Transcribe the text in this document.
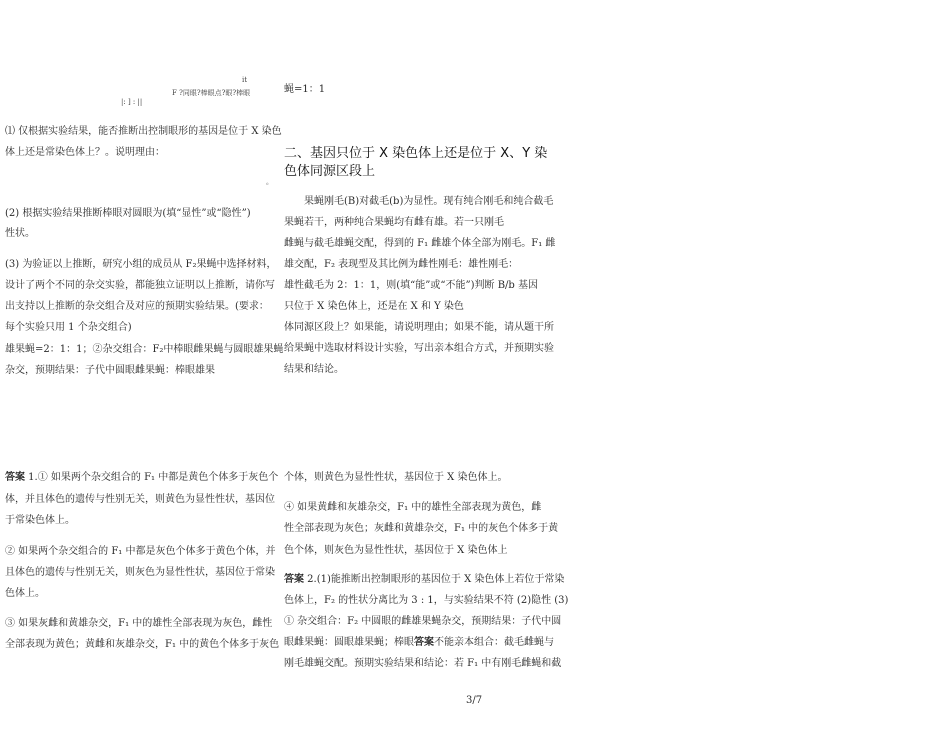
it
F ?同眼?棒眼点?眼?棒眼
|: ] : ||
蝇=1：1
。
⑴ 仅根据实验结果，能否推断出控制眼形的基因是位于 X 染色
体上还是常染色体上？。说明理由：
(2) 根据实验结果推断棒眼对圆眼为(填“显性”或“隐性”)
性状。
(3) 为验证以上推断，研究小组的成员从 F₂果蝇中选择材料，
设计了两个不同的杂交实验，都能独立证明以上推断，请你写
出支持以上推断的杂交组合及对应的预期实验结果。(要求：
每个实验只用 1 个杂交组合)
雄果蝇=2：1：1；②杂交组合：F₂中棒眼雌果蝇与圆眼雄果蝇
杂交，预期结果：子代中圆眼雌果蝇：棒眼雄果
二、基因只位于 X 染色体上还是位于 X、Y 染
色体同源区段上
果蝇刚毛(B)对截毛(b)为显性。现有纯合刚毛和纯合截毛
果蝇若干，两种纯合果蝇均有雌有雄。若一只刚毛
雌蝇与截毛雄蝇交配，得到的 F₁ 雌雄个体全部为刚毛。F₁ 雌
雄交配，F₂ 表现型及其比例为雌性刚毛：雄性刚毛：
雄性截毛为 2：1：1，则(填“能”或“不能”)判断 B/b 基因
只位于 X 染色体上，还是在 X 和 Y 染色
体同源区段上？如果能，请说明理由；如果不能，请从题干所
给果蝇中选取材料设计实验，写出亲本组合方式，并预期实验
结果和结论。
答案 1.① 如果两个杂交组合的 F₁ 中都是黄色个体多于灰色个
体，并且体色的遗传与性别无关，则黄色为显性性状，基因位
于常染色体上。
② 如果两个杂交组合的 F₁ 中都是灰色个体多于黄色个体，并
且体色的遗传与性别无关，则灰色为显性性状，基因位于常染
色体上。
③ 如果灰雌和黄雄杂交，F₁ 中的雄性全部表现为灰色，雌性
全部表现为黄色；黄雌和灰雄杂交，F₁ 中的黄色个体多于灰色
个体，则黄色为显性性状，基因位于 X 染色体上。
④ 如果黄雌和灰雄杂交，F₁ 中的雄性全部表现为黄色，雌
性全部表现为灰色；灰雌和黄雄杂交，F₁ 中的灰色个体多于黄
色个体，则灰色为显性性状，基因位于 X 染色体上
答案 2.(1)能推断出控制眼形的基因位于 X 染色体上若位于常染
色体上，F₂ 的性状分离比为 3 : 1，与实验结果不符 (2)隐性 (3)
① 杂交组合：F₂ 中圆眼的雌雄果蝇杂交，预期结果：子代中圆
眼雌果蝇：圆眼雄果蝇；棒眼答案不能亲本组合：截毛雌蝇与
刚毛雄蝇交配。预期实验结果和结论：若 F₁ 中有刚毛雌蝇和截
3/7
